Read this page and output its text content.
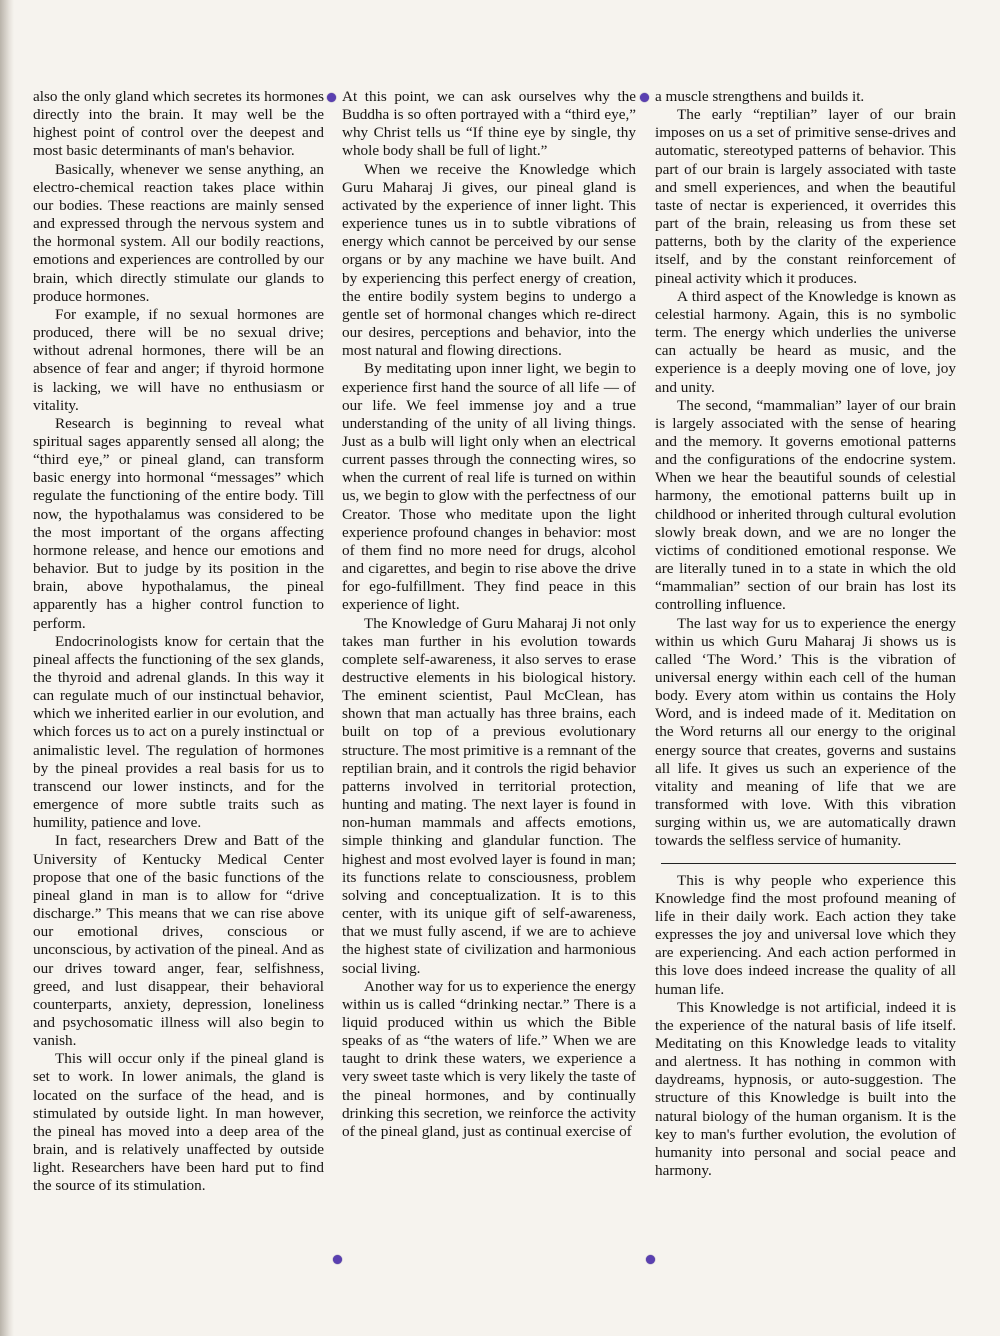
also the only gland which secretes its hormones directly into the brain. It may well be the highest point of control over the deepest and most basic determinants of man's behavior.

Basically, whenever we sense anything, an electro-chemical reaction takes place within our bodies. These reactions are mainly sensed and expressed through the nervous system and the hormonal system. All our bodily reactions, emotions and experiences are controlled by our brain, which directly stimulate our glands to produce hormones.

For example, if no sexual hormones are produced, there will be no sexual drive; without adrenal hormones, there will be an absence of fear and anger; if thyroid hormone is lacking, we will have no enthusiasm or vitality.

Research is beginning to reveal what spiritual sages apparently sensed all along; the “third eye,” or pineal gland, can transform basic energy into hormonal “messages” which regulate the functioning of the entire body. Till now, the hypothalamus was considered to be the most important of the organs affecting hormone release, and hence our emotions and behavior. But to judge by its position in the brain, above hypothalamus, the pineal apparently has a higher control function to perform.

Endocrinologists know for certain that the pineal affects the functioning of the sex glands, the thyroid and adrenal glands. In this way it can regulate much of our instinctual behavior, which we inherited earlier in our evolution, and which forces us to act on a purely instinctual or animalistic level. The regulation of hormones by the pineal provides a real basis for us to transcend our lower instincts, and for the emergence of more subtle traits such as humility, patience and love.

In fact, researchers Drew and Batt of the University of Kentucky Medical Center propose that one of the basic functions of the pineal gland in man is to allow for “drive discharge.” This means that we can rise above our emotional drives, conscious or unconscious, by activation of the pineal. And as our drives toward anger, fear, selfishness, greed, and lust disappear, their behavioral counterparts, anxiety, depression, loneliness and psychosomatic illness will also begin to vanish.

This will occur only if the pineal gland is set to work. In lower animals, the gland is located on the surface of the head, and is stimulated by outside light. In man however, the pineal has moved into a deep area of the brain, and is relatively unaffected by outside light. Researchers have been hard put to find the source of its stimulation.

At this point, we can ask ourselves why the Buddha is so often portrayed with a “third eye,” why Christ tells us “If thine eye by single, thy whole body shall be full of light.”

When we receive the Knowledge which Guru Maharaj Ji gives, our pineal gland is activated by the experience of inner light. This experience tunes us in to subtle vibrations of energy which cannot be perceived by our sense organs or by any machine we have built. And by experiencing this perfect energy of creation, the entire bodily system begins to undergo a gentle set of hormonal changes which re-direct our desires, perceptions and behavior, into the most natural and flowing directions.

By meditating upon inner light, we begin to experience first hand the source of all life — of our life. We feel immense joy and a true understanding of the unity of all living things. Just as a bulb will light only when an electrical current passes through the connecting wires, so when the current of real life is turned on within us, we begin to glow with the perfectness of our Creator. Those who meditate upon the light experience profound changes in behavior: most of them find no more need for drugs, alcohol and cigarettes, and begin to rise above the drive for ego-fulfillment. They find peace in this experience of light.

The Knowledge of Guru Maharaj Ji not only takes man further in his evolution towards complete self-awareness, it also serves to erase destructive elements in his biological history. The eminent scientist, Paul McClean, has shown that man actually has three brains, each built on top of a previous evolutionary structure. The most primitive is a remnant of the reptilian brain, and it controls the rigid behavior patterns involved in territorial protection, hunting and mating. The next layer is found in non-human mammals and affects emotions, simple thinking and glandular function. The highest and most evolved layer is found in man; its functions relate to consciousness, problem solving and conceptualization. It is to this center, with its unique gift of self-awareness, that we must fully ascend, if we are to achieve the highest state of civilization and harmonious social living.

Another way for us to experience the energy within us is called “drinking nectar.” There is a liquid produced within us which the Bible speaks of as “the waters of life.” When we are taught to drink these waters, we experience a very sweet taste which is very likely the taste of the pineal hormones, and by continually drinking this secretion, we reinforce the activity of the pineal gland, just as continual exercise of

a muscle strengthens and builds it.

The early “reptilian” layer of our brain imposes on us a set of primitive sense-drives and automatic, stereotyped patterns of behavior. This part of our brain is largely associated with taste and smell experiences, and when the beautiful taste of nectar is experienced, it overrides this part of the brain, releasing us from these set patterns, both by the clarity of the experience itself, and by the constant reinforcement of pineal activity which it produces.

A third aspect of the Knowledge is known as celestial harmony. Again, this is no symbolic term. The energy which underlies the universe can actually be heard as music, and the experience is a deeply moving one of love, joy and unity.

The second, “mammalian” layer of our brain is largely associated with the sense of hearing and the memory. It governs emotional patterns and the configurations of the endocrine system. When we hear the beautiful sounds of celestial harmony, the emotional patterns built up in childhood or inherited through cultural evolution slowly break down, and we are no longer the victims of conditioned emotional response. We are literally tuned in to a state in which the old “mammalian” section of our brain has lost its controlling influence.

The last way for us to experience the energy within us which Guru Maharaj Ji shows us is called ‘The Word.’ This is the vibration of universal energy within each cell of the human body. Every atom within us contains the Holy Word, and is indeed made of it. Meditation on the Word returns all our energy to the original energy source that creates, governs and sustains all life. It gives us such an experience of the vitality and meaning of life that we are transformed with love. With this vibration surging within us, we are automatically drawn towards the selfless service of humanity.

This is why people who experience this Knowledge find the most profound meaning of life in their daily work. Each action they take expresses the joy and universal love which they are experiencing. And each action performed in this love does indeed increase the quality of all human life.

This Knowledge is not artificial, indeed it is the experience of the natural basis of life itself. Meditating on this Knowledge leads to vitality and alertness. It has nothing in common with daydreams, hypnosis, or auto-suggestion. The structure of this Knowledge is built into the natural biology of the human organism. It is the key to man's further evolution, the evolution of humanity into personal and social peace and harmony.
